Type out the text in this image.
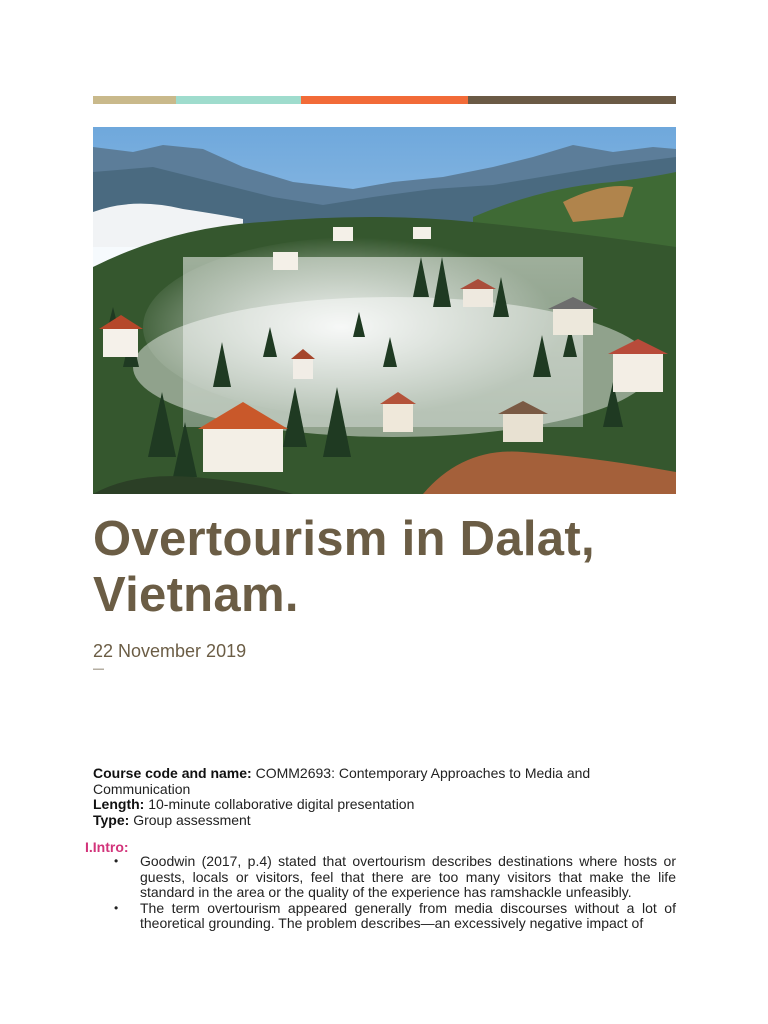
Overtourism in Dalat,
Vietnam.
22 November 2019
—

Course code and name: COMM2693: Contemporary Approaches to Media and Communication

Length: 10-minute collaborative digital presentation

Type: Group assessment

I.Intro:
• Goodwin (2017, p.4) stated that overtourism describes destinations where hosts or guests, locals or visitors, feel that there are too many visitors that make the life standard in the area or the quality of the experience has ramshackle unfeasibly.
• The term overtourism appeared generally from media discourses without a lot of theoretical grounding. The problem describes—an excessively negative impact of
